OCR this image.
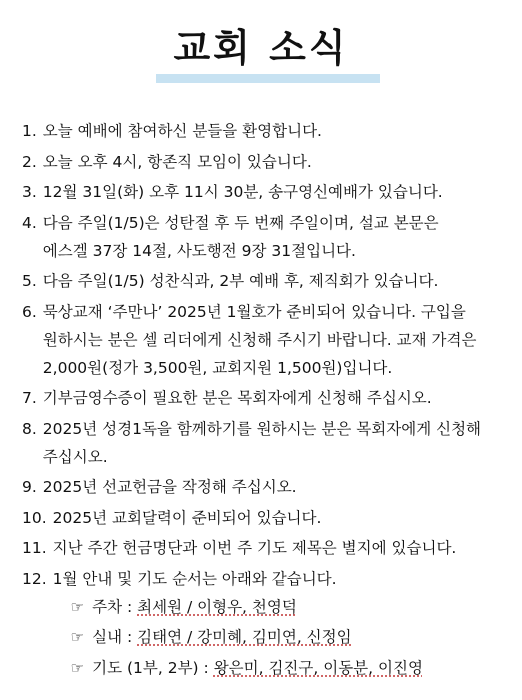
교회 소식
1. 오늘 예배에 참여하신 분들을 환영합니다.
2. 오늘 오후 4시, 항존직 모임이 있습니다.
3. 12월 31일(화) 오후 11시 30분, 송구영신예배가 있습니다.
4. 다음 주일(1/5)은 성탄절 후 두 번째 주일이며, 설교 본문은
에스겔 37장 14절, 사도행전 9장 31절입니다.
5. 다음 주일(1/5) 성찬식과, 2부 예배 후, 제직회가 있습니다.
6. 묵상교재 ‘주만나’ 2025년 1월호가 준비되어 있습니다. 구입을
원하시는 분은 셀 리더에게 신청해 주시기 바랍니다. 교재 가격은
2,000원(정가 3,500원, 교회지원 1,500원)입니다.
7. 기부금영수증이 필요한 분은 목회자에게 신청해 주십시오.
8. 2025년 성경1독을 함께하기를 원하시는 분은 목회자에게 신청해
주십시오.
9. 2025년 선교헌금을 작정해 주십시오.
10. 2025년 교회달력이 준비되어 있습니다.
11. 지난 주간 헌금명단과 이번 주 기도 제목은 별지에 있습니다.
12. 1월 안내 및 기도 순서는 아래와 같습니다.
☞ 주차 : 최세원 / 이형우, 천영덕
☞ 실내 : 김태연 / 강미혜, 김미연, 신정임
☞ 기도 (1부, 2부) : 왕은미, 김진구, 이동분, 이진영
